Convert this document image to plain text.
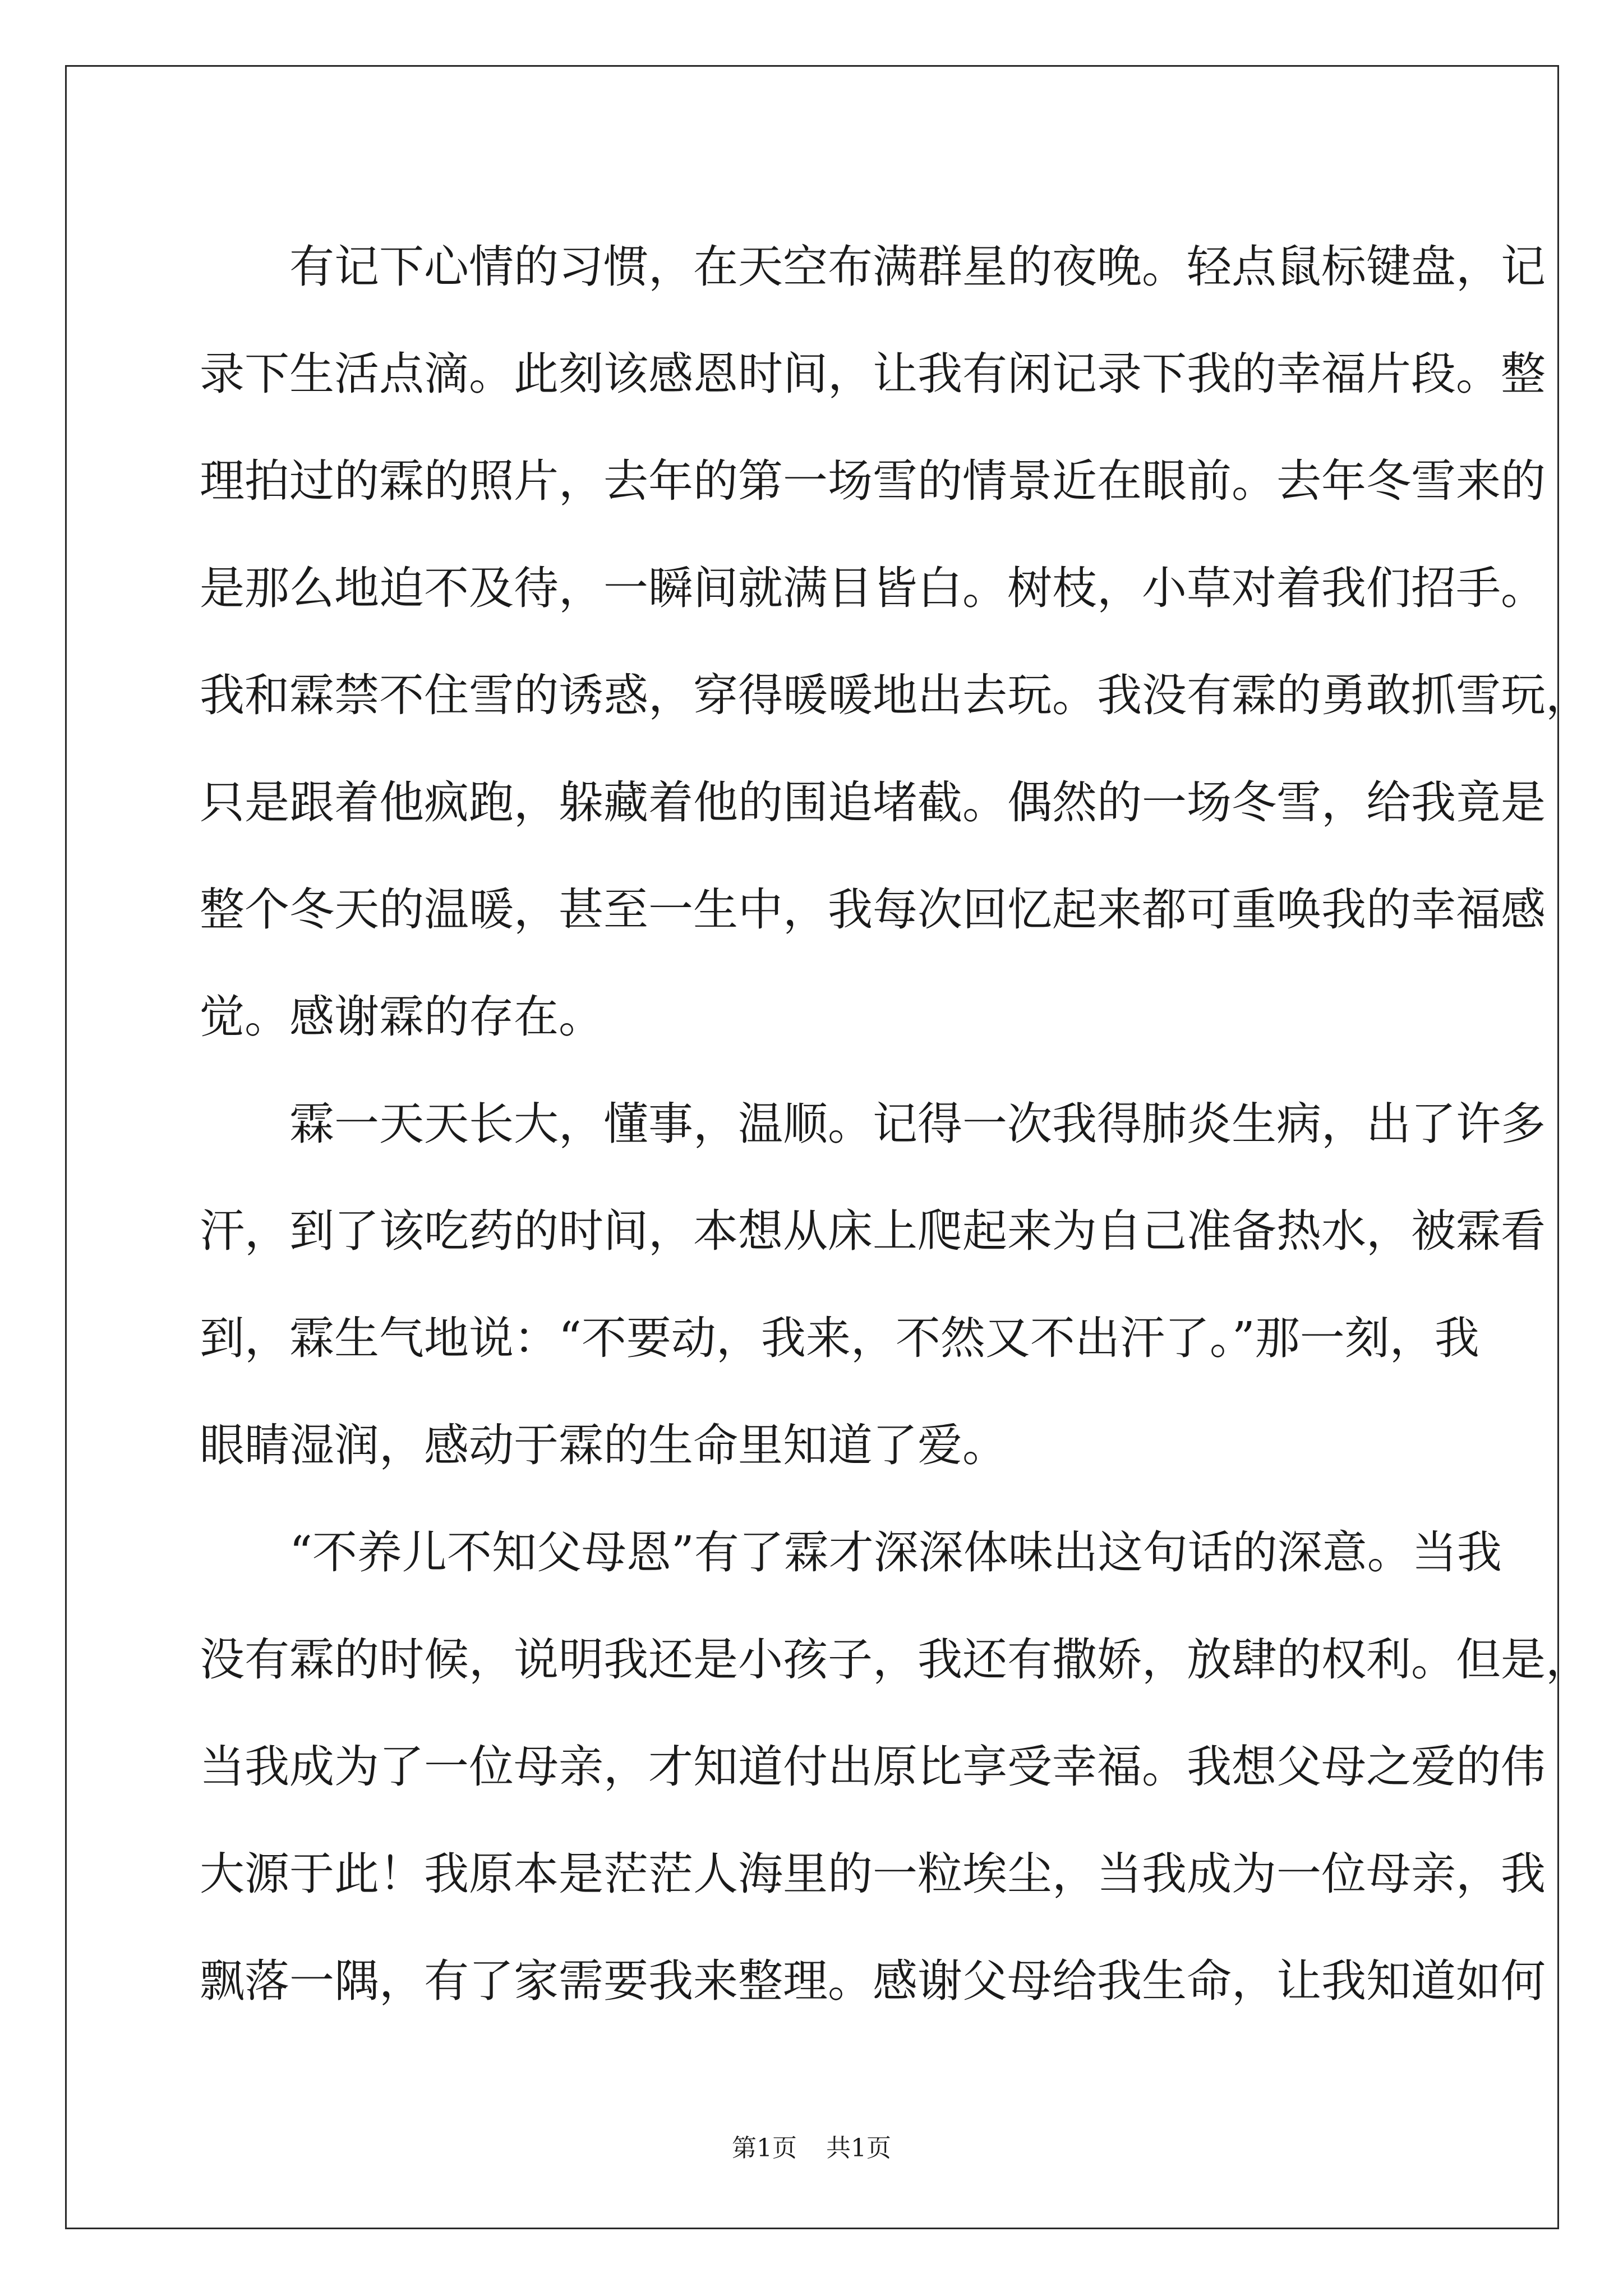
有记下心情的习惯，在天空布满群星的夜晚。轻点鼠标键盘，记
录下生活点滴。此刻该感恩时间，让我有闲记录下我的幸福片段。整
理拍过的霖的照片，去年的第一场雪的情景近在眼前。去年冬雪来的
是那么地迫不及待，一瞬间就满目皆白。树枝，小草对着我们招手。
我和霖禁不住雪的诱惑，穿得暖暖地出去玩。我没有霖的勇敢抓雪玩，
只是跟着他疯跑，躲藏着他的围追堵截。偶然的一场冬雪，给我竟是
整个冬天的温暖，甚至一生中，我每次回忆起来都可重唤我的幸福感
觉。感谢霖的存在。
霖一天天长大，懂事，温顺。记得一次我得肺炎生病，出了许多
汗，到了该吃药的时间，本想从床上爬起来为自己准备热水，被霖看
到，霖生气地说：“不要动，我来，不然又不出汗了。”那一刻，我
眼睛湿润，感动于霖的生命里知道了爱。
“不养儿不知父母恩”有了霖才深深体味出这句话的深意。当我
没有霖的时候，说明我还是小孩子，我还有撒娇，放肆的权利。但是，
当我成为了一位母亲，才知道付出原比享受幸福。我想父母之爱的伟
大源于此！我原本是茫茫人海里的一粒埃尘，当我成为一位母亲，我
飘落一隅，有了家需要我来整理。感谢父母给我生命，让我知道如何
第1页 共1页
